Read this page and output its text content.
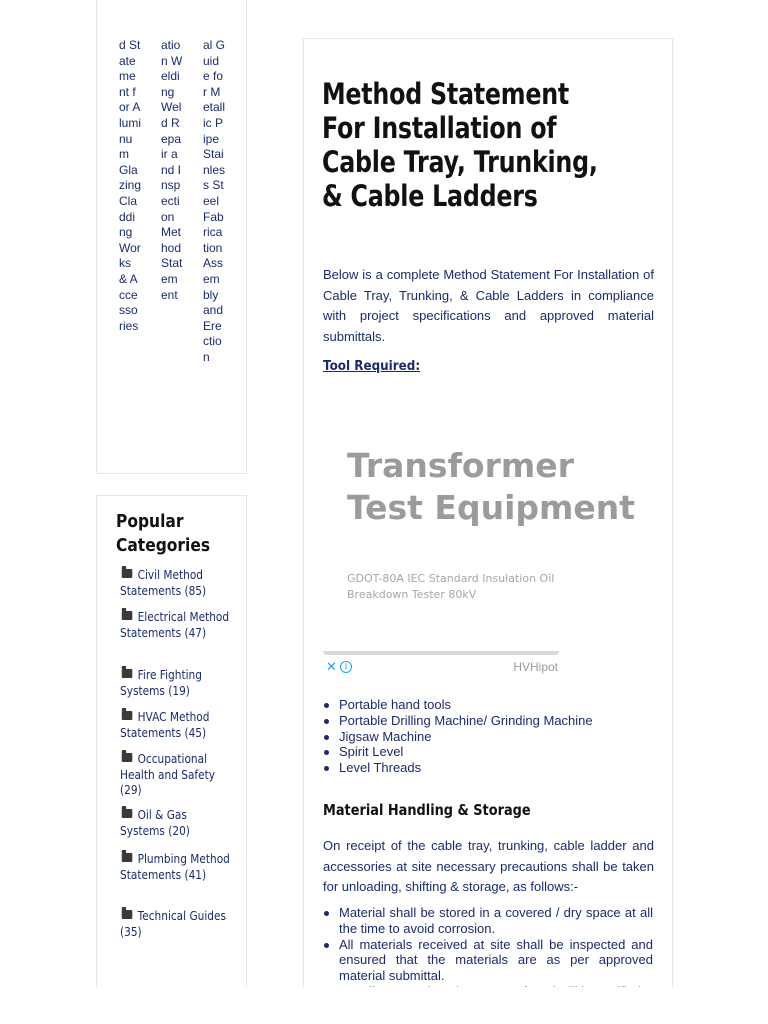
d Statement for Aluminum Glazing Cladding Works & Accessories
ation Welding Weld Repair and Inspection Method Statement
al Guide for Metallic Pipe Stainless Steel Fabrication Assembly and Erection
Popular Categories
Civil Method Statements (85)
Electrical Method Statements (47)
Fire Fighting Systems (19)
HVAC Method Statements (45)
Occupational Health and Safety (29)
Oil & Gas Systems (20)
Plumbing Method Statements (41)
Technical Guides (35)
Method Statement For Installation of Cable Tray, Trunking, & Cable Ladders
Below is a complete Method Statement For Installation of Cable Tray, Trunking, & Cable Ladders in compliance with project specifications and approved material submittals.
Tool Required:
Transformer
Test Equipment
GDOT-80A IEC Standard Insulation Oil Breakdown Tester 80kV
Material Handling & Storage
On receipt of the cable tray, trunking, cable ladder and accessories at site necessary precautions shall be taken for unloading, shifting & storage, as follows:-
✕ i	HVHipot
Portable hand tools
Portable Drilling Machine/ Grinding Machine
Jigsaw Machine
Spirit Level
Level Threads
Material shall be stored in a covered / dry space at all the time to avoid corrosion.
All materials received at site shall be inspected and ensured that the materials are as per approved material submittal.
